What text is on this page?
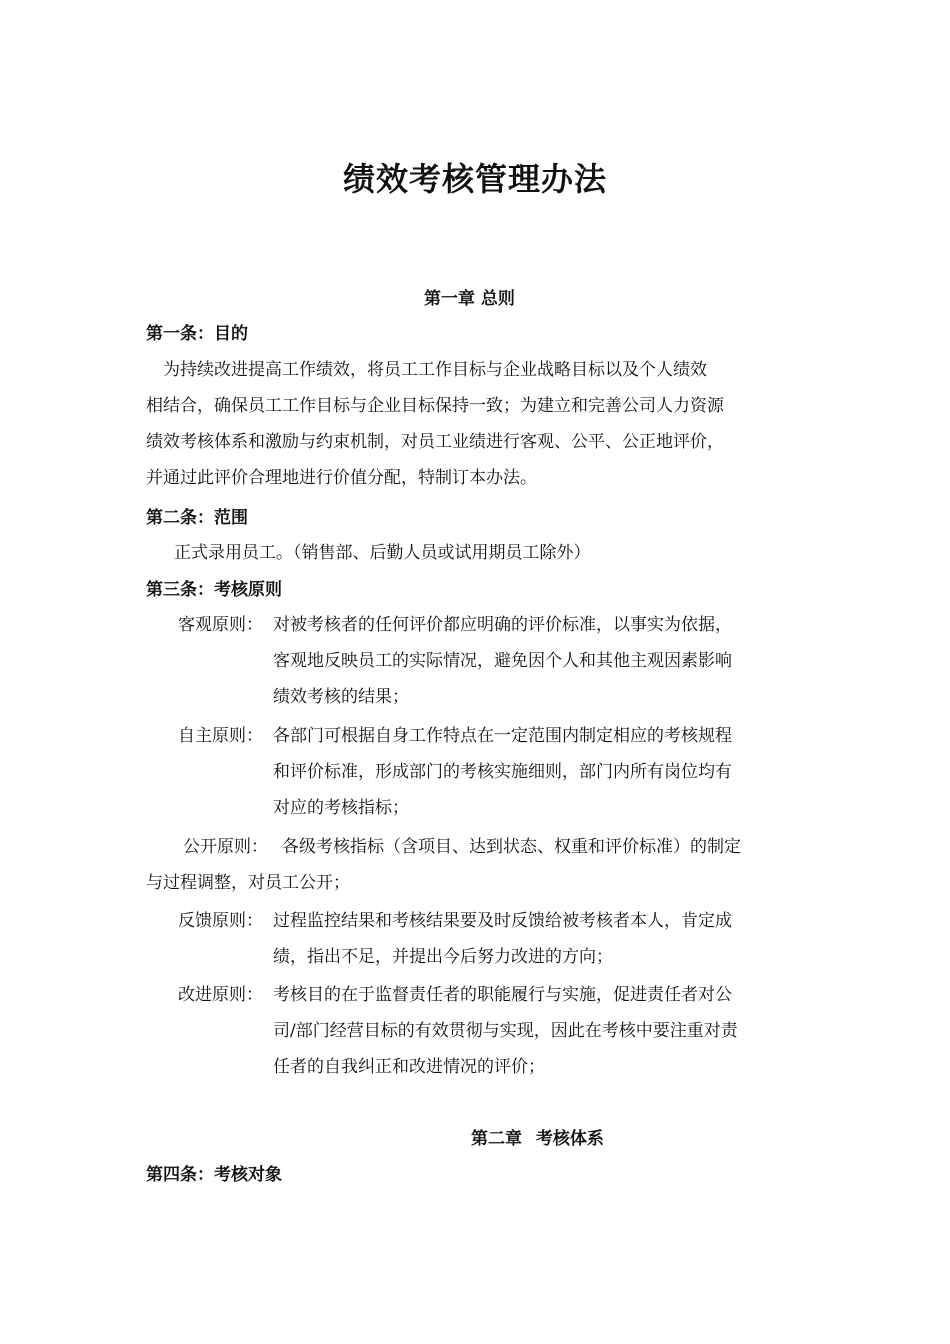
绩效考核管理办法
第一章 总则
第一条：目的
　为持续改进提高工作绩效，将员工工作目标与企业战略目标以及个人绩效
相结合，确保员工工作目标与企业目标保持一致；为建立和完善公司人力资源
绩效考核体系和激励与约束机制，对员工业绩进行客观、公平、公正地评价，
并通过此评价合理地进行价值分配，特制订本办法。
第二条：范围
正式录用员工。（销售部、后勤人员或试用期员工除外）
第三条：考核原则
客观原则： 对被考核者的任何评价都应明确的评价标准，以事实为依据，
客观地反映员工的实际情况，避免因个人和其他主观因素影响
绩效考核的结果；
自主原则： 各部门可根据自身工作特点在一定范围内制定相应的考核规程
和评价标准，形成部门的考核实施细则，部门内所有岗位均有
对应的考核指标；
公开原则： 各级考核指标（含项目、达到状态、权重和评价标准）的制定
与过程调整，对员工公开；
反馈原则： 过程监控结果和考核结果要及时反馈给被考核者本人，肯定成
绩，指出不足，并提出今后努力改进的方向；
改进原则： 考核目的在于监督责任者的职能履行与实施，促进责任者对公
司/部门经营目标的有效贯彻与实现，因此在考核中要注重对责
任者的自我纠正和改进情况的评价；
第二章 考核体系
第四条：考核对象
